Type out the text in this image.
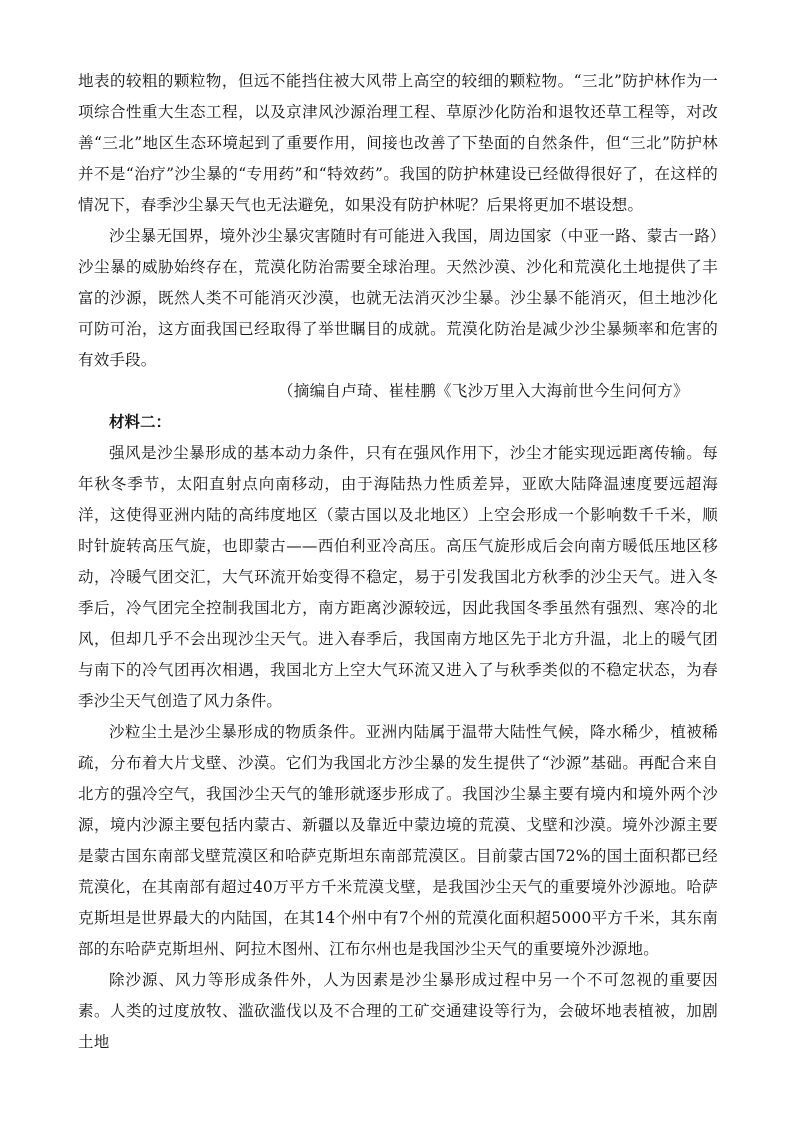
地表的较粗的颗粒物，但远不能挡住被大风带上高空的较细的颗粒物。“三北”防护林作为一项综合性重大生态工程，以及京津风沙源治理工程、草原沙化防治和退牧还草工程等，对改善“三北”地区生态环境起到了重要作用，间接也改善了下垫面的自然条件，但“三北”防护林并不是“治疗”沙尘暴的“专用药”和“特效药”。我国的防护林建设已经做得很好了，在这样的情况下，春季沙尘暴天气也无法避免，如果没有防护林呢？后果将更加不堪设想。

沙尘暴无国界，境外沙尘暴灾害随时有可能进入我国，周边国家（中亚一路、蒙古一路）沙尘暴的威胁始终存在，荒漠化防治需要全球治理。天然沙漠、沙化和荒漠化土地提供了丰富的沙源，既然人类不可能消灭沙漠，也就无法消灭沙尘暴。沙尘暴不能消灭，但土地沙化可防可治，这方面我国已经取得了举世瞩目的成就。荒漠化防治是减少沙尘暴频率和危害的有效手段。

（摘编自卢琦、崔桂鹏《飞沙万里入大海前世今生问何方》

材料二：

强风是沙尘暴形成的基本动力条件，只有在强风作用下，沙尘才能实现远距离传输。每年秋冬季节，太阳直射点向南移动，由于海陆热力性质差异，亚欧大陆降温速度要远超海洋，这使得亚洲内陆的高纬度地区（蒙古国以及北地区）上空会形成一个影响数千千米，顺时针旋转高压气旋，也即蒙古——西伯利亚冷高压。高压气旋形成后会向南方暖低压地区移动，冷暖气团交汇，大气环流开始变得不稳定，易于引发我国北方秋季的沙尘天气。进入冬季后，冷气团完全控制我国北方，南方距离沙源较远，因此我国冬季虽然有强烈、寒冷的北风，但却几乎不会出现沙尘天气。进入春季后，我国南方地区先于北方升温，北上的暖气团与南下的冷气团再次相遇，我国北方上空大气环流又进入了与秋季类似的不稳定状态，为春季沙尘天气创造了风力条件。

沙粒尘土是沙尘暴形成的物质条件。亚洲内陆属于温带大陆性气候，降水稀少，植被稀疏，分布着大片戈壁、沙漠。它们为我国北方沙尘暴的发生提供了“沙源”基础。再配合来自北方的强冷空气，我国沙尘天气的雏形就逐步形成了。我国沙尘暴主要有境内和境外两个沙源，境内沙源主要包括内蒙古、新疆以及靠近中蒙边境的荒漠、戈壁和沙漠。境外沙源主要是蒙古国东南部戈壁荒漠区和哈萨克斯坦东南部荒漠区。目前蒙古国72%的国土面积都已经荒漠化，在其南部有超过40万平方千米荒漠戈壁，是我国沙尘天气的重要境外沙源地。哈萨克斯坦是世界最大的内陆国，在其14个州中有7个州的荒漠化面积超5000平方千米，其东南部的东哈萨克斯坦州、阿拉木图州、江布尔州也是我国沙尘天气的重要境外沙源地。

除沙源、风力等形成条件外，人为因素是沙尘暴形成过程中另一个不可忽视的重要因素。人类的过度放牧、滥砍滥伐以及不合理的工矿交通建设等行为，会破坏地表植被，加剧土地
